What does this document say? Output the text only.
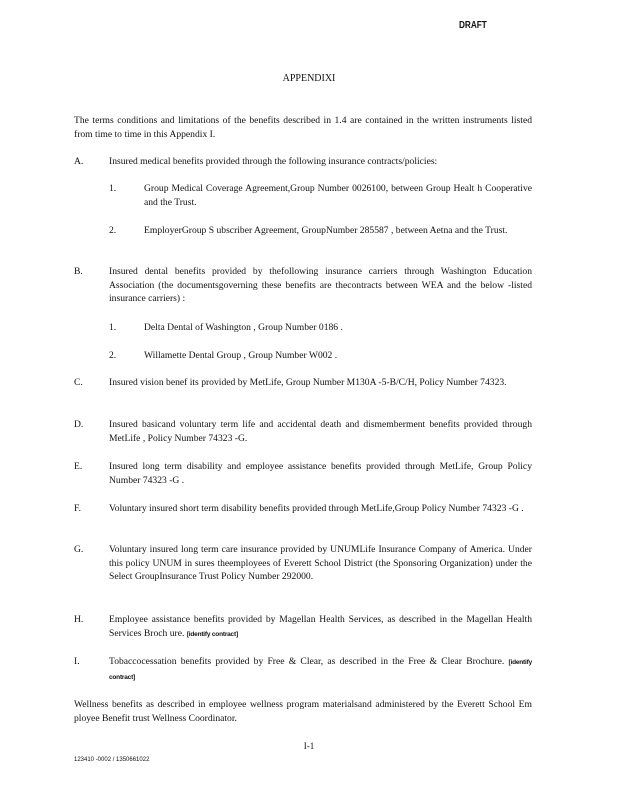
DRAFT
APPENDIXI
The terms conditions and limitations of the benefits described in 1.4 are contained in the written instruments listed from time to time in this Appendix I.
A.	Insured medical benefits provided through the following insurance contracts/policies:
1.	Group Medical Coverage Agreement,Group Number 0026100, between Group Healt h Cooperative and the Trust.
2.	EmployerGroup S ubscriber Agreement, GroupNumber 285587 , between Aetna and the Trust.
B.	Insured dental benefits provided by thefollowing insurance carriers through Washington Education Association (the documentsgoverning these benefits are thecontracts between WEA and the below -listed insurance carriers) :
1.	Delta Dental of Washington , Group Number 0186 .
2.	Willamette Dental Group , Group Number W002 .
C.	Insured vision benef its provided by MetLife, Group Number M130A -5-B/C/H, Policy Number 74323.
D.	Insured basicand voluntary term life and accidental death and dismemberment benefits provided through MetLife , Policy Number 74323 -G.
E.	Insured long term disability and employee assistance benefits provided through MetLife, Group Policy Number 74323 -G .
F.	Voluntary insured short term disability benefits provided through MetLife,Group Policy Number 74323 -G .
G.	Voluntary insured long term care insurance provided by UNUMLife Insurance Company of America. Under this policy UNUM in sures theemployees of Everett School District (the Sponsoring Organization) under the Select GroupInsurance Trust Policy Number 292000.
H.	Employee assistance benefits provided by Magellan Health Services, as described in the Magellan Health Services Broch ure. [identify contract]
I.	Tobaccocessation benefits provided by Free & Clear, as described in the Free & Clear Brochure. [identify contract]
Wellness benefits as described in employee wellness program materialsand administered by the Everett School Em ployee Benefit trust Wellness Coordinator.
I-1
123410 -0002 / 1350661022
